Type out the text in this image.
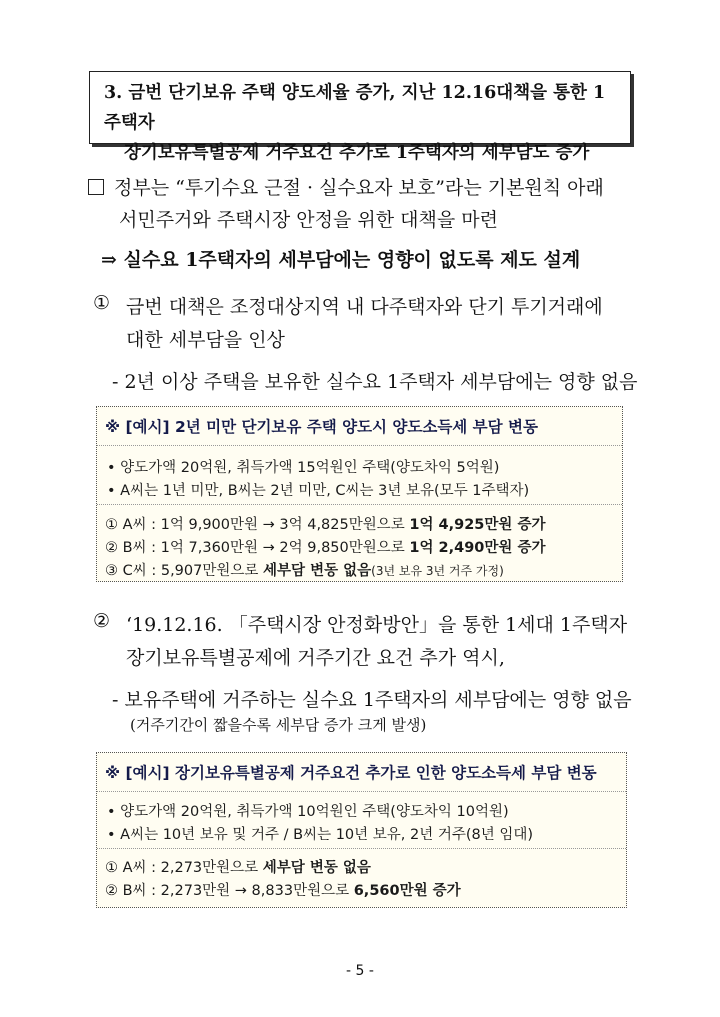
3. 금번 단기보유 주택 양도세율 증가, 지난 12.16대책을 통한 1주택자
장기보유특별공제 거주요건 추가로 1주택자의 세부담도 증가
정부는 “투기수요 근절 · 실수요자 보호”라는 기본원칙 아래
서민주거와 주택시장 안정을 위한 대책을 마련
⇒ 실수요 1주택자의 세부담에는 영향이 없도록 제도 설계
① 금번 대책은 조정대상지역 내 다주택자와 단기 투기거래에
대한 세부담을 인상
- 2년 이상 주택을 보유한 실수요 1주택자 세부담에는 영향 없음
※ [예시] 2년 미만 단기보유 주택 양도시 양도소득세 부담 변동
• 양도가액 20억원, 취득가액 15억원인 주택(양도차익 5억원)
• A씨는 1년 미만, B씨는 2년 미만, C씨는 3년 보유(모두 1주택자)
① A씨 : 1억 9,900만원 → 3억 4,825만원으로 1억 4,925만원 증가
② B씨 : 1억 7,360만원 → 2억 9,850만원으로 1억 2,490만원 증가
③ C씨 : 5,907만원으로 세부담 변동 없음(3년 보유 3년 거주 가정)
② ‘19.12.16. 「주택시장 안정화방안」을 통한 1세대 1주택자
장기보유특별공제에 거주기간 요건 추가 역시,
- 보유주택에 거주하는 실수요 1주택자의 세부담에는 영향 없음
(거주기간이 짧을수록 세부담 증가 크게 발생)
※ [예시] 장기보유특별공제 거주요건 추가로 인한 양도소득세 부담 변동
• 양도가액 20억원, 취득가액 10억원인 주택(양도차익 10억원)
• A씨는 10년 보유 및 거주 / B씨는 10년 보유, 2년 거주(8년 임대)
① A씨 : 2,273만원으로 세부담 변동 없음
② B씨 : 2,273만원 → 8,833만원으로 6,560만원 증가
- 5 -
